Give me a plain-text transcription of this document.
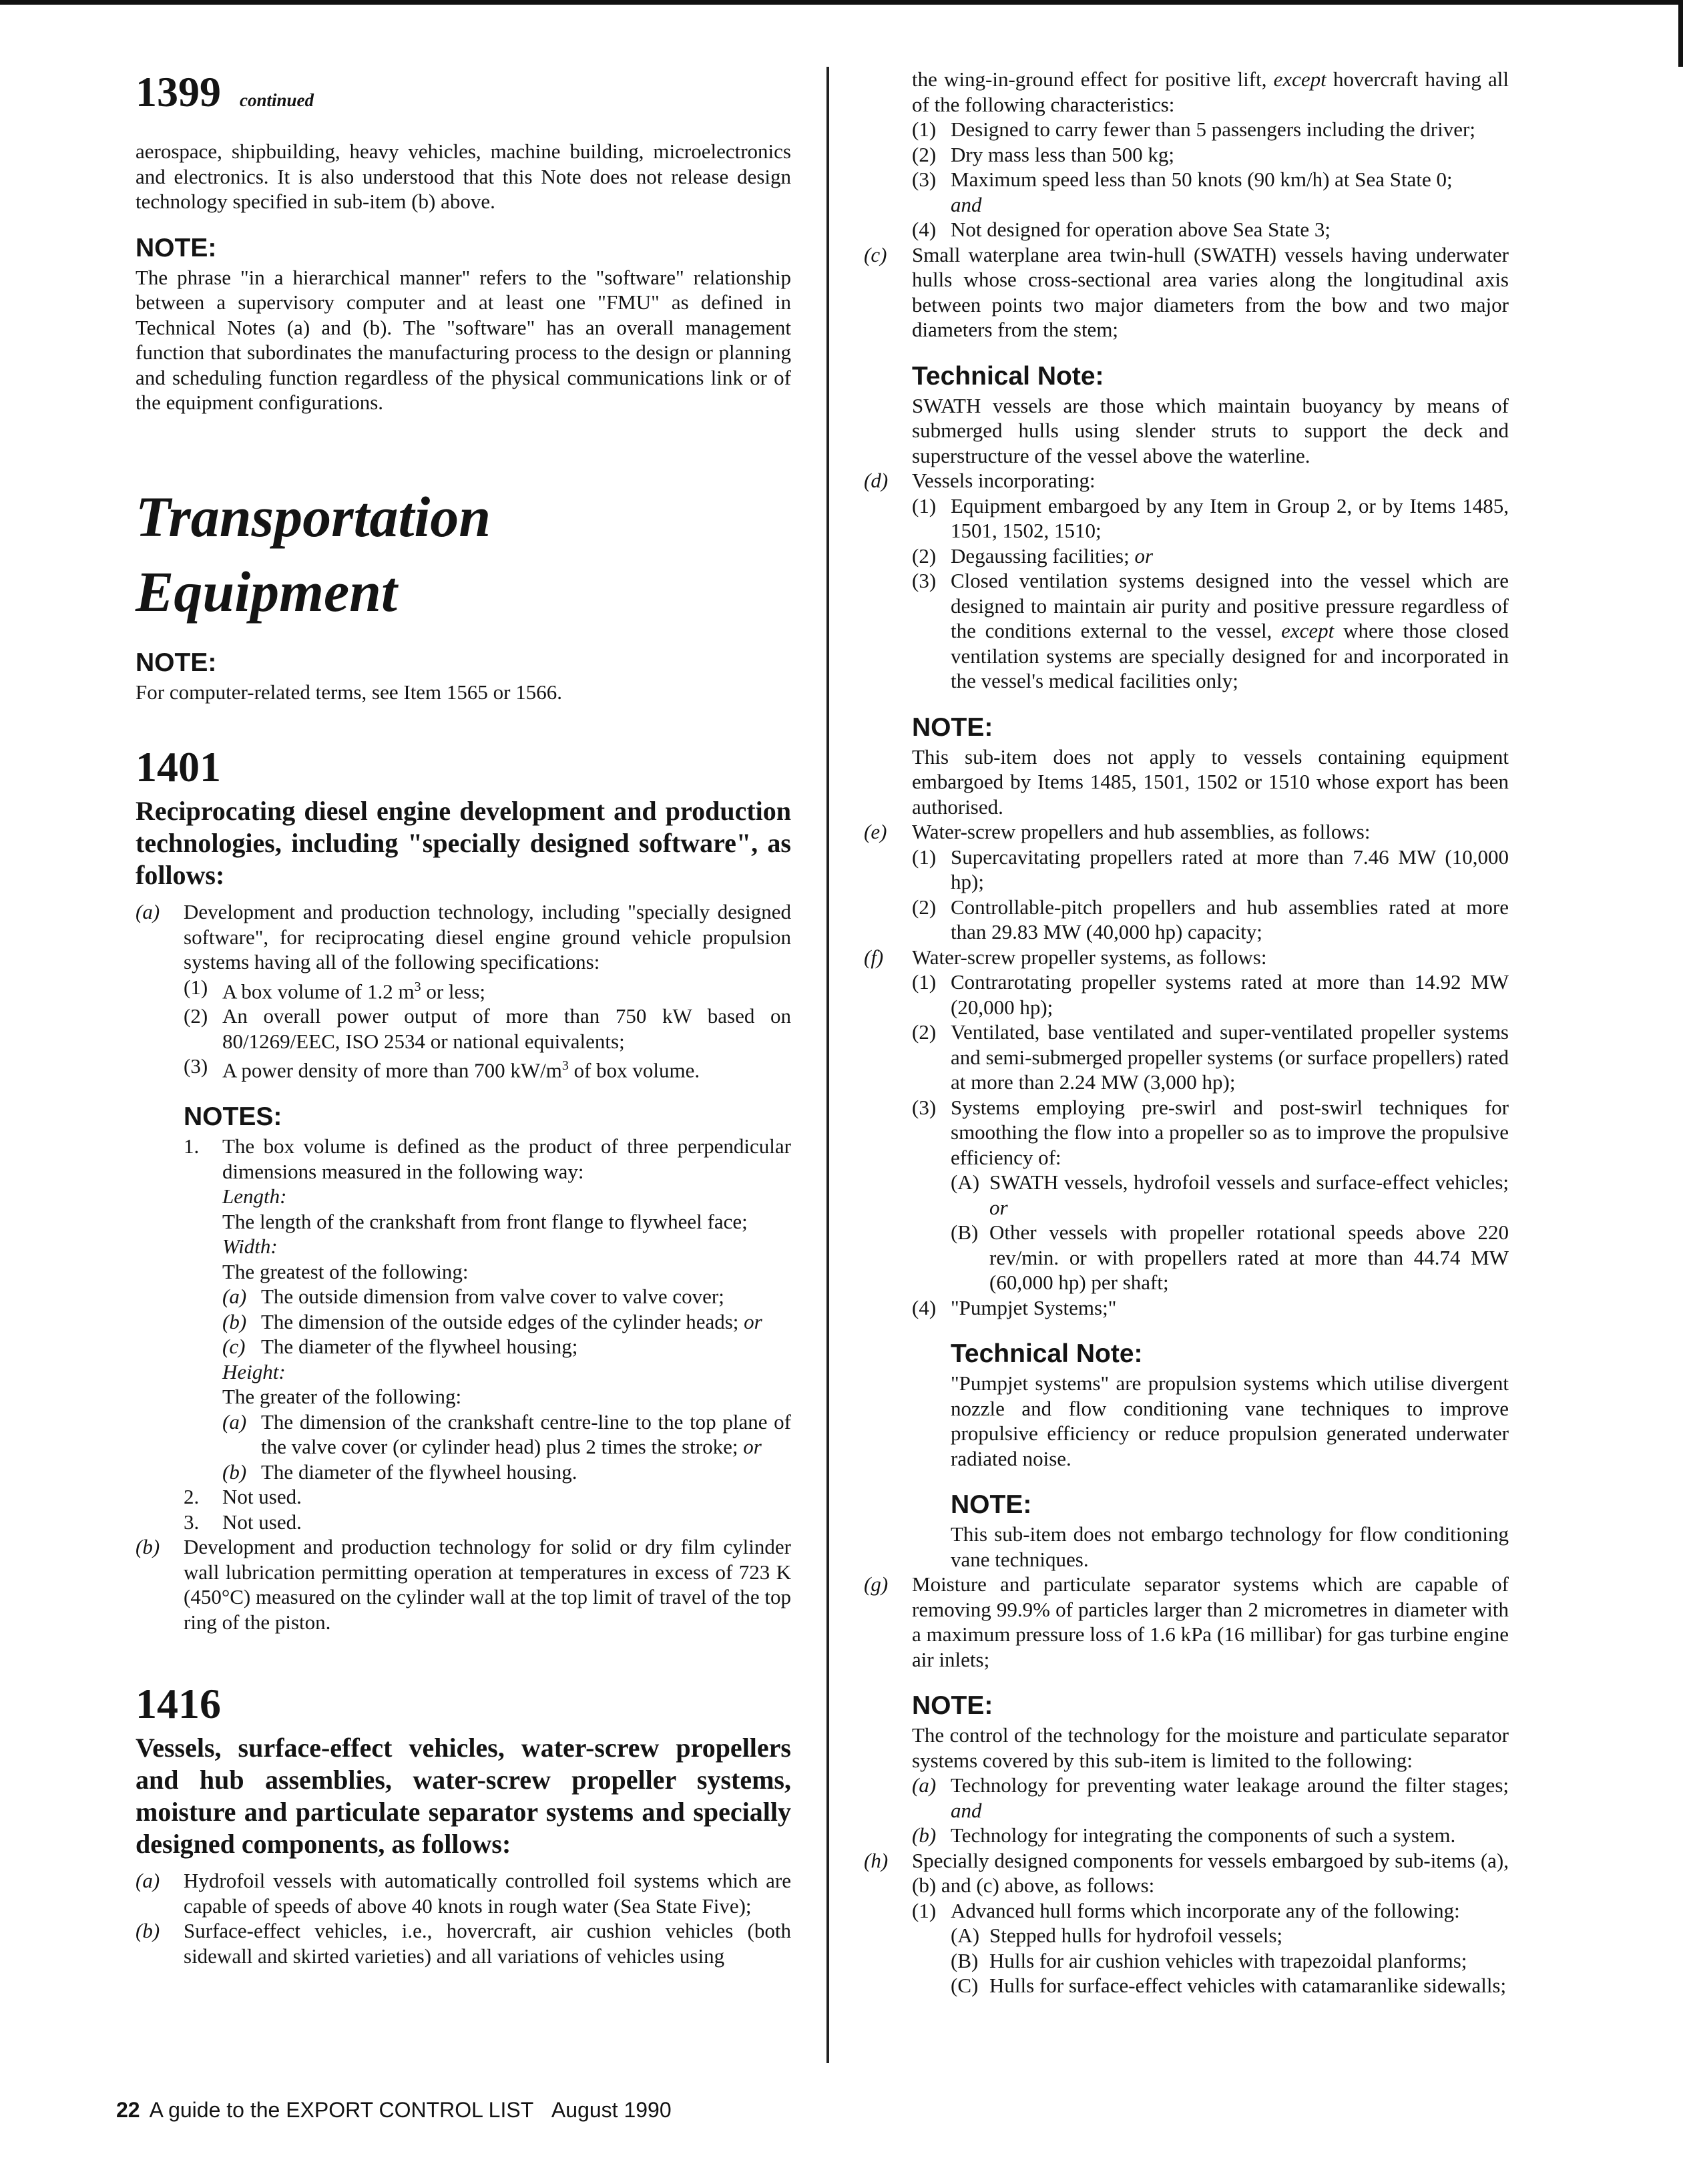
1399 continued

aerospace, shipbuilding, heavy vehicles, machine building, microelectronics and electronics. It is also understood that this Note does not release design technology specified in sub-item (b) above.

NOTE:

The phrase "in a hierarchical manner" refers to the "software" relationship between a supervisory computer and at least one "FMU" as defined in Technical Notes (a) and (b). The "software" has an overall management function that subordinates the manufacturing process to the design or planning and scheduling function regardless of the physical communications link or of the equipment configurations.

Transportation
Equipment
NOTE:

For computer-related terms, see Item 1565 or 1566.

1401

Reciprocating diesel engine development and production technologies, including "specially designed software", as follows:
(a)	Development and production technology, including "specially designed software", for reciprocating diesel engine ground vehicle propulsion systems having all of the following specifications:
(1) A box volume of 1.2 $m^3$ or less;
(2) An overall power output of more than 750 kW based on 80/1269/EEC, ISO 2534 or national equivalents;
(3) A power density of more than 700 $kW/m^3$ of box volume.
NOTES:
1.	The box volume is defined as the product of three perpendicular dimensions measured in the following way:
Length:
The length of the crankshaft from front flange to flywheel face;
Width:
The greatest of the following:
(a) The outside dimension from valve cover to valve cover;
(b) The dimension of the outside edges of the cylinder heads; or
(c) The diameter of the flywheel housing;
Height:
The greater of the following:
(a) The dimension of the crankshaft centre-line to the top plane of the valve cover (or cylinder head) plus 2 times the stroke; or
(b) The diameter of the flywheel housing.
2.	Not used.
3.	Not used.
(b)	Development and production technology for solid or dry film cylinder wall lubrication permitting operation at temperatures in excess of 723 K (450°C) measured on the cylinder wall at the top limit of travel of the top ring of the piston.

1416

Vessels, surface-effect vehicles, water-screw propellers and hub assemblies, water-screw propeller systems, moisture and particulate separator systems and specially designed components, as follows:
(a)	Hydrofoil vessels with automatically controlled foil systems which are capable of speeds of above 40 knots in rough water (Sea State Five);
(b)	Surface-effect vehicles, i.e., hovercraft, air cushion vehicles (both sidewall and skirted varieties) and all variations of vehicles using
the wing-in-ground effect for positive lift, except hovercraft having all of the following characteristics:
(1) Designed to carry fewer than 5 passengers including the driver;
(2) Dry mass less than 500 kg;
(3) Maximum speed less than 50 knots (90 km/h) at Sea State 0;
and
(4) Not designed for operation above Sea State 3;
(c)	Small waterplane area twin-hull (SWATH) vessels having underwater hulls whose cross-sectional area varies along the longitudinal axis between points two major diameters from the bow and two major diameters from the stem;
Technical Note:
SWATH vessels are those which maintain buoyancy by means of submerged hulls using slender struts to support the deck and superstructure of the vessel above the waterline.
(d)	Vessels incorporating:
(1) Equipment embargoed by any Item in Group 2, or by Items 1485, 1501, 1502, 1510;
(2) Degaussing facilities; or
(3) Closed ventilation systems designed into the vessel which are designed to maintain air purity and positive pressure regardless of the conditions external to the vessel, except where those closed ventilation systems are specially designed for and incorporated in the vessel's medical facilities only;
NOTE:
This sub-item does not apply to vessels containing equipment embargoed by Items 1485, 1501, 1502 or 1510 whose export has been authorised.
(e)	Water-screw propellers and hub assemblies, as follows:
(1) Supercavitating propellers rated at more than 7.46 MW (10,000 hp);
(2) Controllable-pitch propellers and hub assemblies rated at more than 29.83 MW (40,000 hp) capacity;
(f)	Water-screw propeller systems, as follows:
(1) Contrarotating propeller systems rated at more than 14.92 MW (20,000 hp);
(2) Ventilated, base ventilated and super-ventilated propeller systems and semi-submerged propeller systems (or surface propellers) rated at more than 2.24 MW (3,000 hp);
(3) Systems employing pre-swirl and post-swirl techniques for smoothing the flow into a propeller so as to improve the propulsive efficiency of:
(A) SWATH vessels, hydrofoil vessels and surface-effect vehicles; or
(B) Other vessels with propeller rotational speeds above 220 rev/min. or with propellers rated at more than 44.74 MW (60,000 hp) per shaft;
(4) "Pumpjet Systems;"
Technical Note:
"Pumpjet systems" are propulsion systems which utilise divergent nozzle and flow conditioning vane techniques to improve propulsive efficiency or reduce propulsion generated underwater radiated noise.
NOTE:
This sub-item does not embargo technology for flow conditioning vane techniques.
(g)	Moisture and particulate separator systems which are capable of removing 99.9% of particles larger than 2 micrometres in diameter with a maximum pressure loss of 1.6 kPa (16 millibar) for gas turbine engine air inlets;
NOTE:
The control of the technology for the moisture and particulate separator systems covered by this sub-item is limited to the following:
(a) Technology for preventing water leakage around the filter stages; and
(b) Technology for integrating the components of such a system.
(h)	Specially designed components for vessels embargoed by sub-items (a), (b) and (c) above, as follows:
(1) Advanced hull forms which incorporate any of the following:
(A) Stepped hulls for hydrofoil vessels;
(B) Hulls for air cushion vehicles with trapezoidal planforms;
(C) Hulls for surface-effect vehicles with catamaranlike sidewalls;
22 A guide to the EXPORT CONTROL LIST August 1990
